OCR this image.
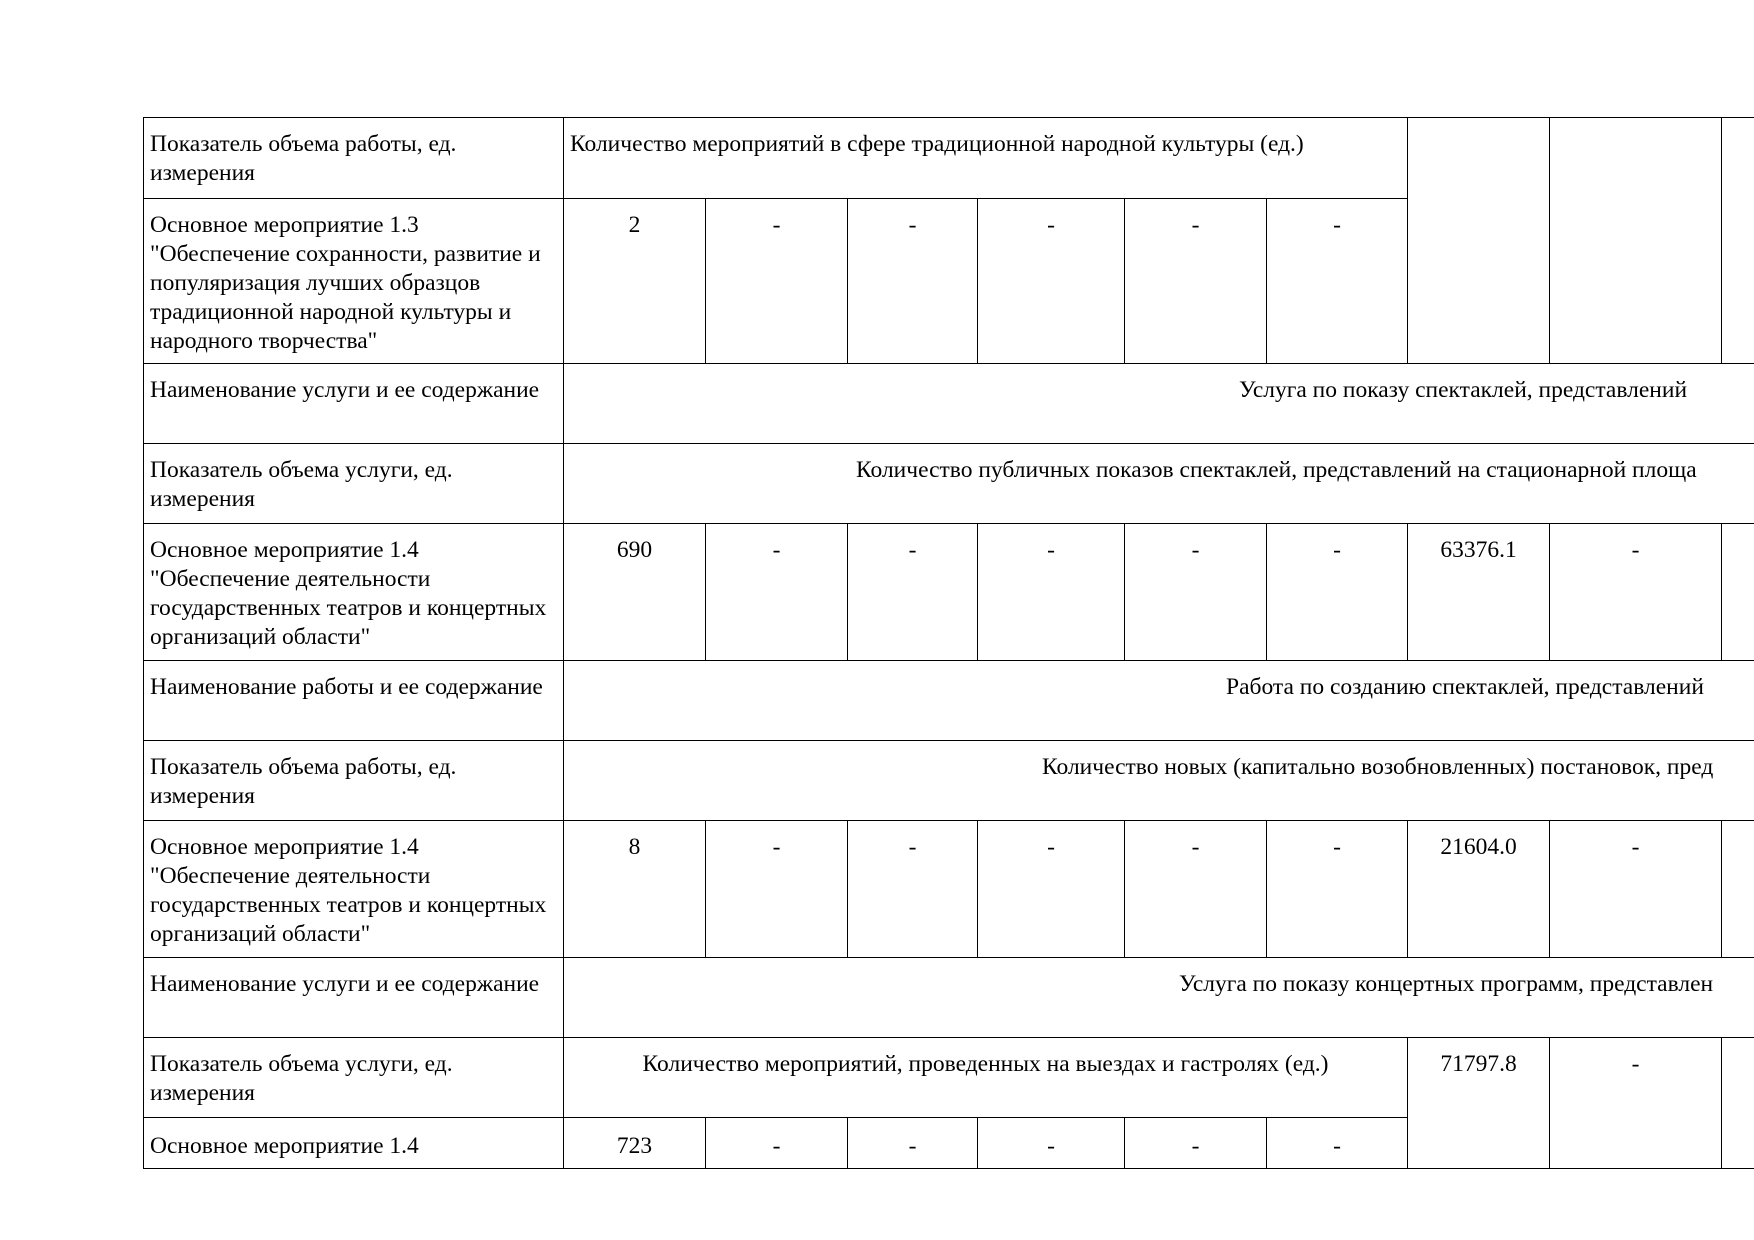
Показатель объема работы, ед. измерения	Количество мероприятий в сфере традиционной народной культуры (ед.)								
Основное мероприятие 1.3 "Обеспечение сохранности, развитие и популяризация лучших образцов традиционной народной культуры и народного творчества"	2	-	-	-	-	-			
Наименование услуги и ее содержание	Услуга по показу спектаклей, представлений								
Показатель объема услуги, ед. измерения	Количество публичных показов спектаклей, представлений на стационарной площа								
Основное мероприятие 1.4 "Обеспечение деятельности государственных театров и концертных организаций области"	690	-	-	-	-	-	63376.1	-	
Наименование работы и ее содержание	Работа по созданию спектаклей, представлений								
Показатель объема работы, ед. измерения	Количество новых (капитально возобновленных) постановок, пред								
Основное мероприятие 1.4 "Обеспечение деятельности государственных театров и концертных организаций области"	8	-	-	-	-	-	21604.0	-	
Наименование услуги и ее содержание	Услуга по показу концертных программ, представлен								
Показатель объема услуги, ед. измерения	Количество мероприятий, проведенных на выездах и гастролях (ед.)						71797.8	-	
Основное мероприятие 1.4	723	-	-	-	-	-			
